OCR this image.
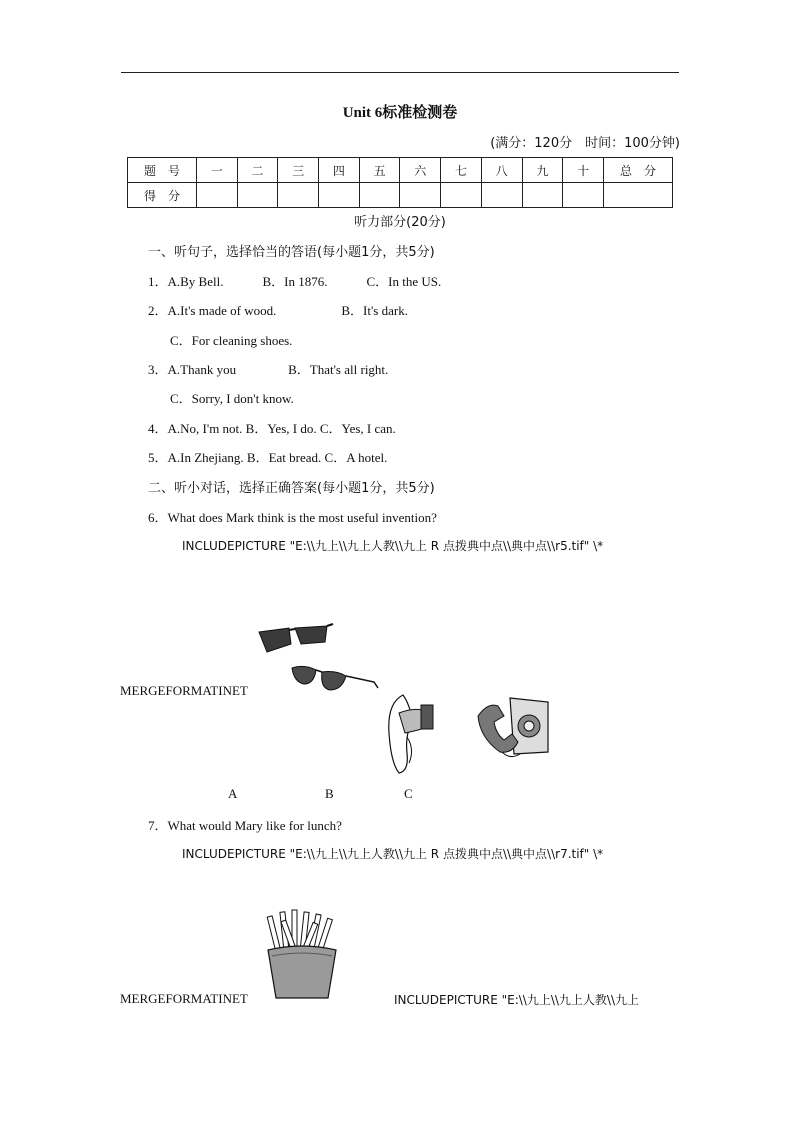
Unit 6标准检测卷
(满分：120分　时间：100分钟)
题　号	一	二	三	四	五	六	七	八	九	十	总　分
得　分											
听力部分(20分)
一、听句子，选择恰当的答语(每小题1分，共5分)
1．A.By Bell.　　　B．In 1876.　　　C．In the US.
2．A.It's made of wood.　　　　　B．It's dark.
C．For cleaning shoes.
3．A.Thank you　　　　B．That's all right.
C．Sorry, I don't know.
4．A.No, I'm not. B．Yes, I do. C．Yes, I can.
5．A.In Zhejiang. B．Eat bread. C．A hotel.
二、听小对话，选择正确答案(每小题1分，共5分)
6．What does Mark think is the most useful invention?
INCLUDEPICTURE "E:\\九上\\九上人教\\九上 R 点拨典中点\\典中点\\r5.tif" \*
MERGEFORMATINET
A	B	C
7．What would Mary like for lunch?
INCLUDEPICTURE "E:\\九上\\九上人教\\九上 R 点拨典中点\\典中点\\r7.tif" \*
MERGEFORMATINET	INCLUDEPICTURE "E:\\九上\\九上人教\\九上
